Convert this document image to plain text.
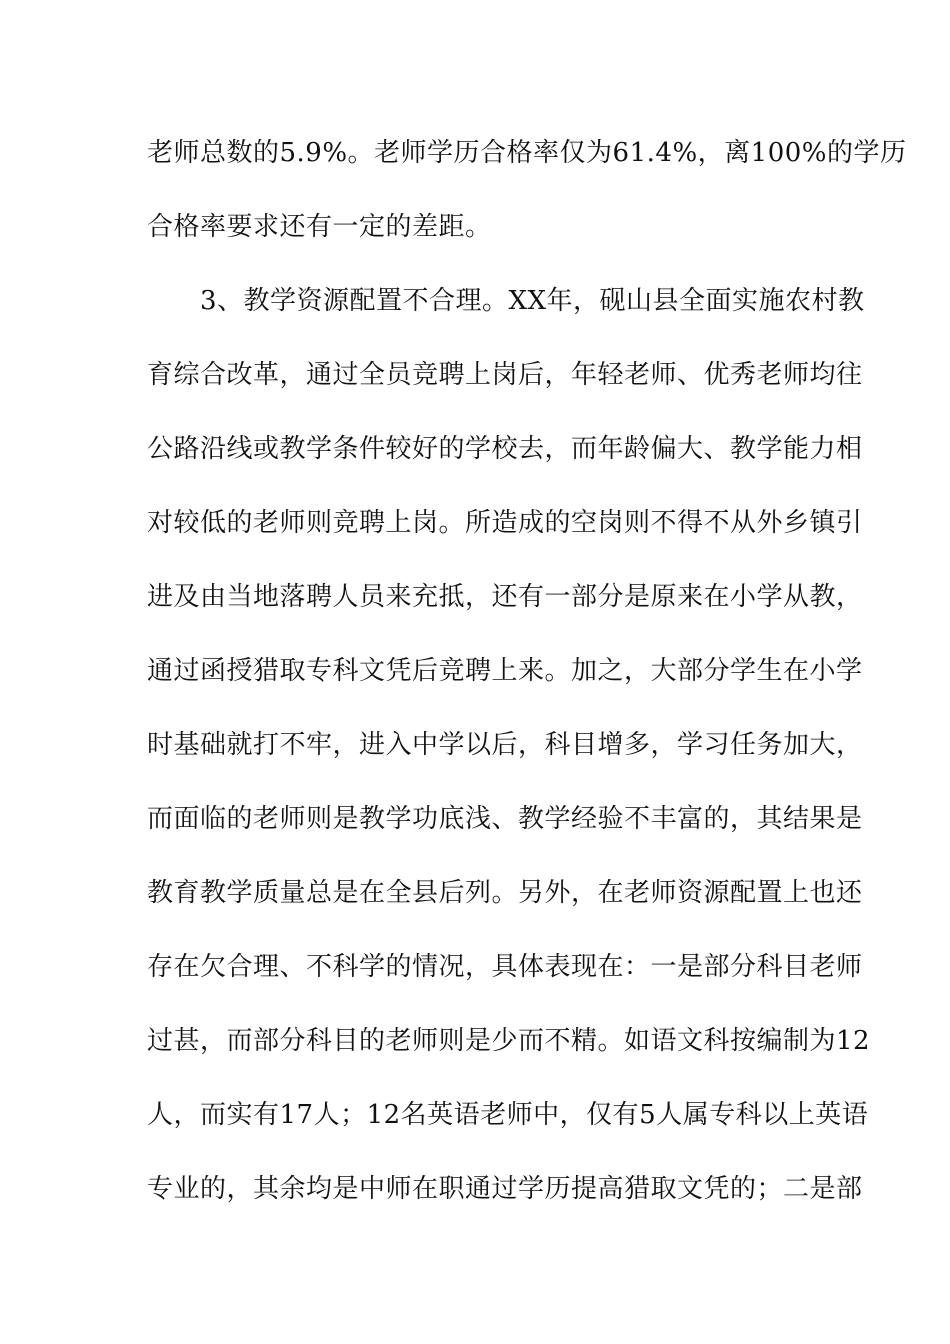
老师总数的5.9%。老师学历合格率仅为61.4%，离100%的学历
合格率要求还有一定的差距。
3、教学资源配置不合理。XX年，砚山县全面实施农村教
育综合改革，通过全员竞聘上岗后，年轻老师、优秀老师均往
公路沿线或教学条件较好的学校去，而年龄偏大、教学能力相
对较低的老师则竞聘上岗。所造成的空岗则不得不从外乡镇引
进及由当地落聘人员来充抵，还有一部分是原来在小学从教，
通过函授猎取专科文凭后竞聘上来。加之，大部分学生在小学
时基础就打不牢，进入中学以后，科目增多，学习任务加大，
而面临的老师则是教学功底浅、教学经验不丰富的，其结果是
教育教学质量总是在全县后列。另外，在老师资源配置上也还
存在欠合理、不科学的情况，具体表现在：一是部分科目老师
过甚，而部分科目的老师则是少而不精。如语文科按编制为12
人，而实有17人；12名英语老师中，仅有5人属专科以上英语
专业的，其余均是中师在职通过学历提高猎取文凭的；二是部
